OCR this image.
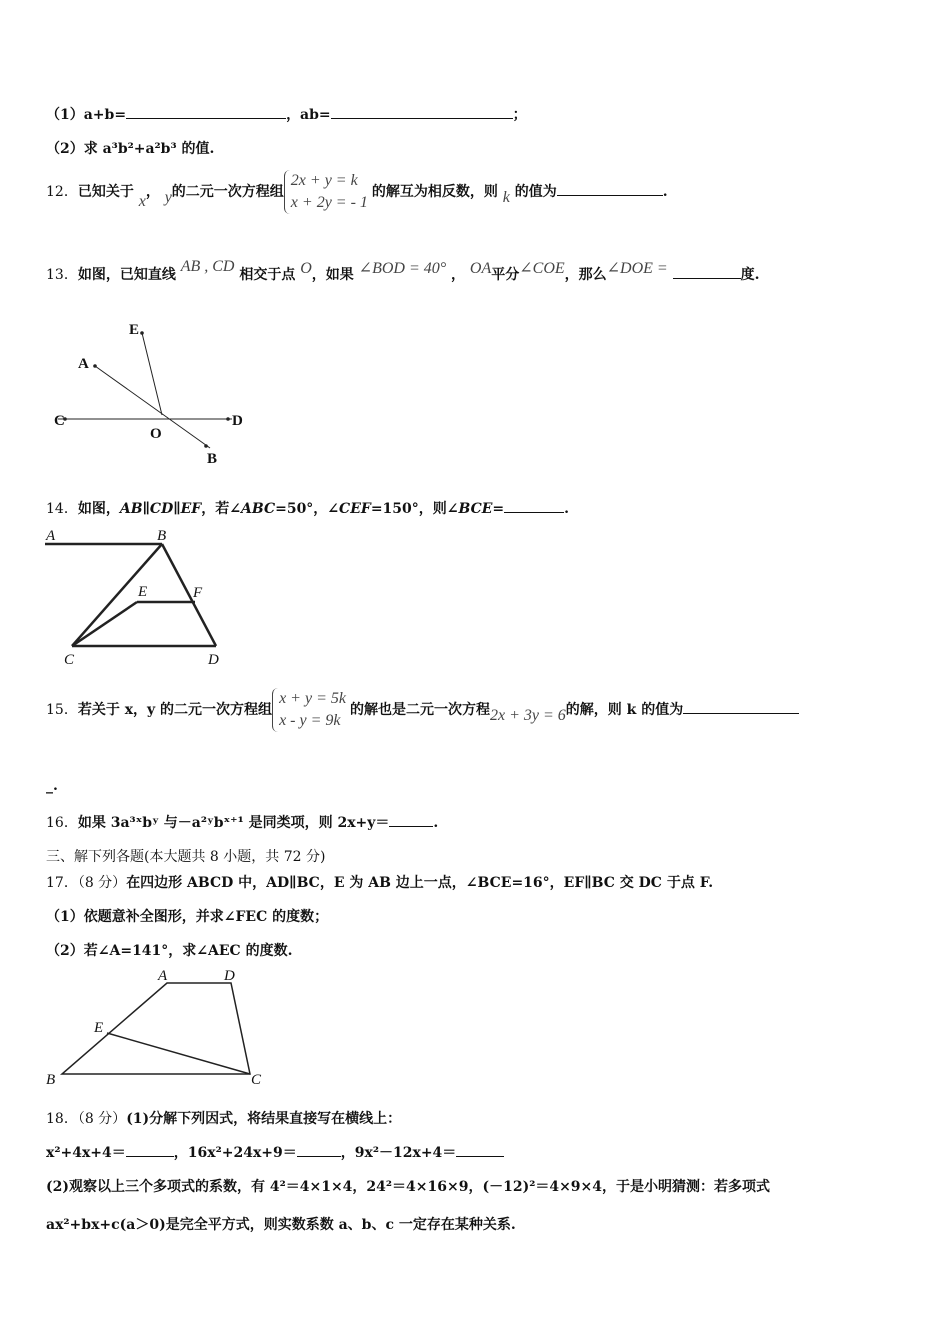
（1）a+b=	，ab=	；
（2）求 a³b²+a²b³ 的值.
12．已知关于 x， y的二元一次方程组
2x + y = k
x + 2y = - 1
的解互为相反数，则 k 的值为	.
13．如图，已知直线 AB , CD 相交于点 O，如果 ∠BOD = 40° ， OA平分∠COE，那么∠DOE =	度.
E
A
C
O
D
B
14．如图，AB∥CD∥EF，若∠ABC=50°，∠CEF=150°，则∠BCE=	.
A	B
E	F
C	D
15．若关于 x，y 的二元一次方程组
x + y = 5k
x - y = 9k
的解也是二元一次方程2x + 3y = 6的解，则 k 的值为
_.
16．如果 3a³ˣbʸ 与－a²ʸbˣ⁺¹ 是同类项，则 2x+y＝	.
三、解下列各题(本大题共 8 小题，共 72 分)
17．（8 分）在四边形 ABCD 中，AD∥BC，E 为 AB 边上一点，∠BCE=16°，EF∥BC 交 DC 于点 F.
（1）依题意补全图形，并求∠FEC 的度数；
（2）若∠A=141°，求∠AEC 的度数.
A	D
E
B	C
18．（8 分）(1)分解下列因式，将结果直接写在横线上：
x²+4x+4＝	，16x²+24x+9＝	，9x²－12x+4＝
(2)观察以上三个多项式的系数，有 4²＝4×1×4，24²＝4×16×9，(－12)²＝4×9×4，于是小明猜测：若多项式
ax²+bx+c(a＞0)是完全平方式，则实数系数 a、b、c 一定存在某种关系.
